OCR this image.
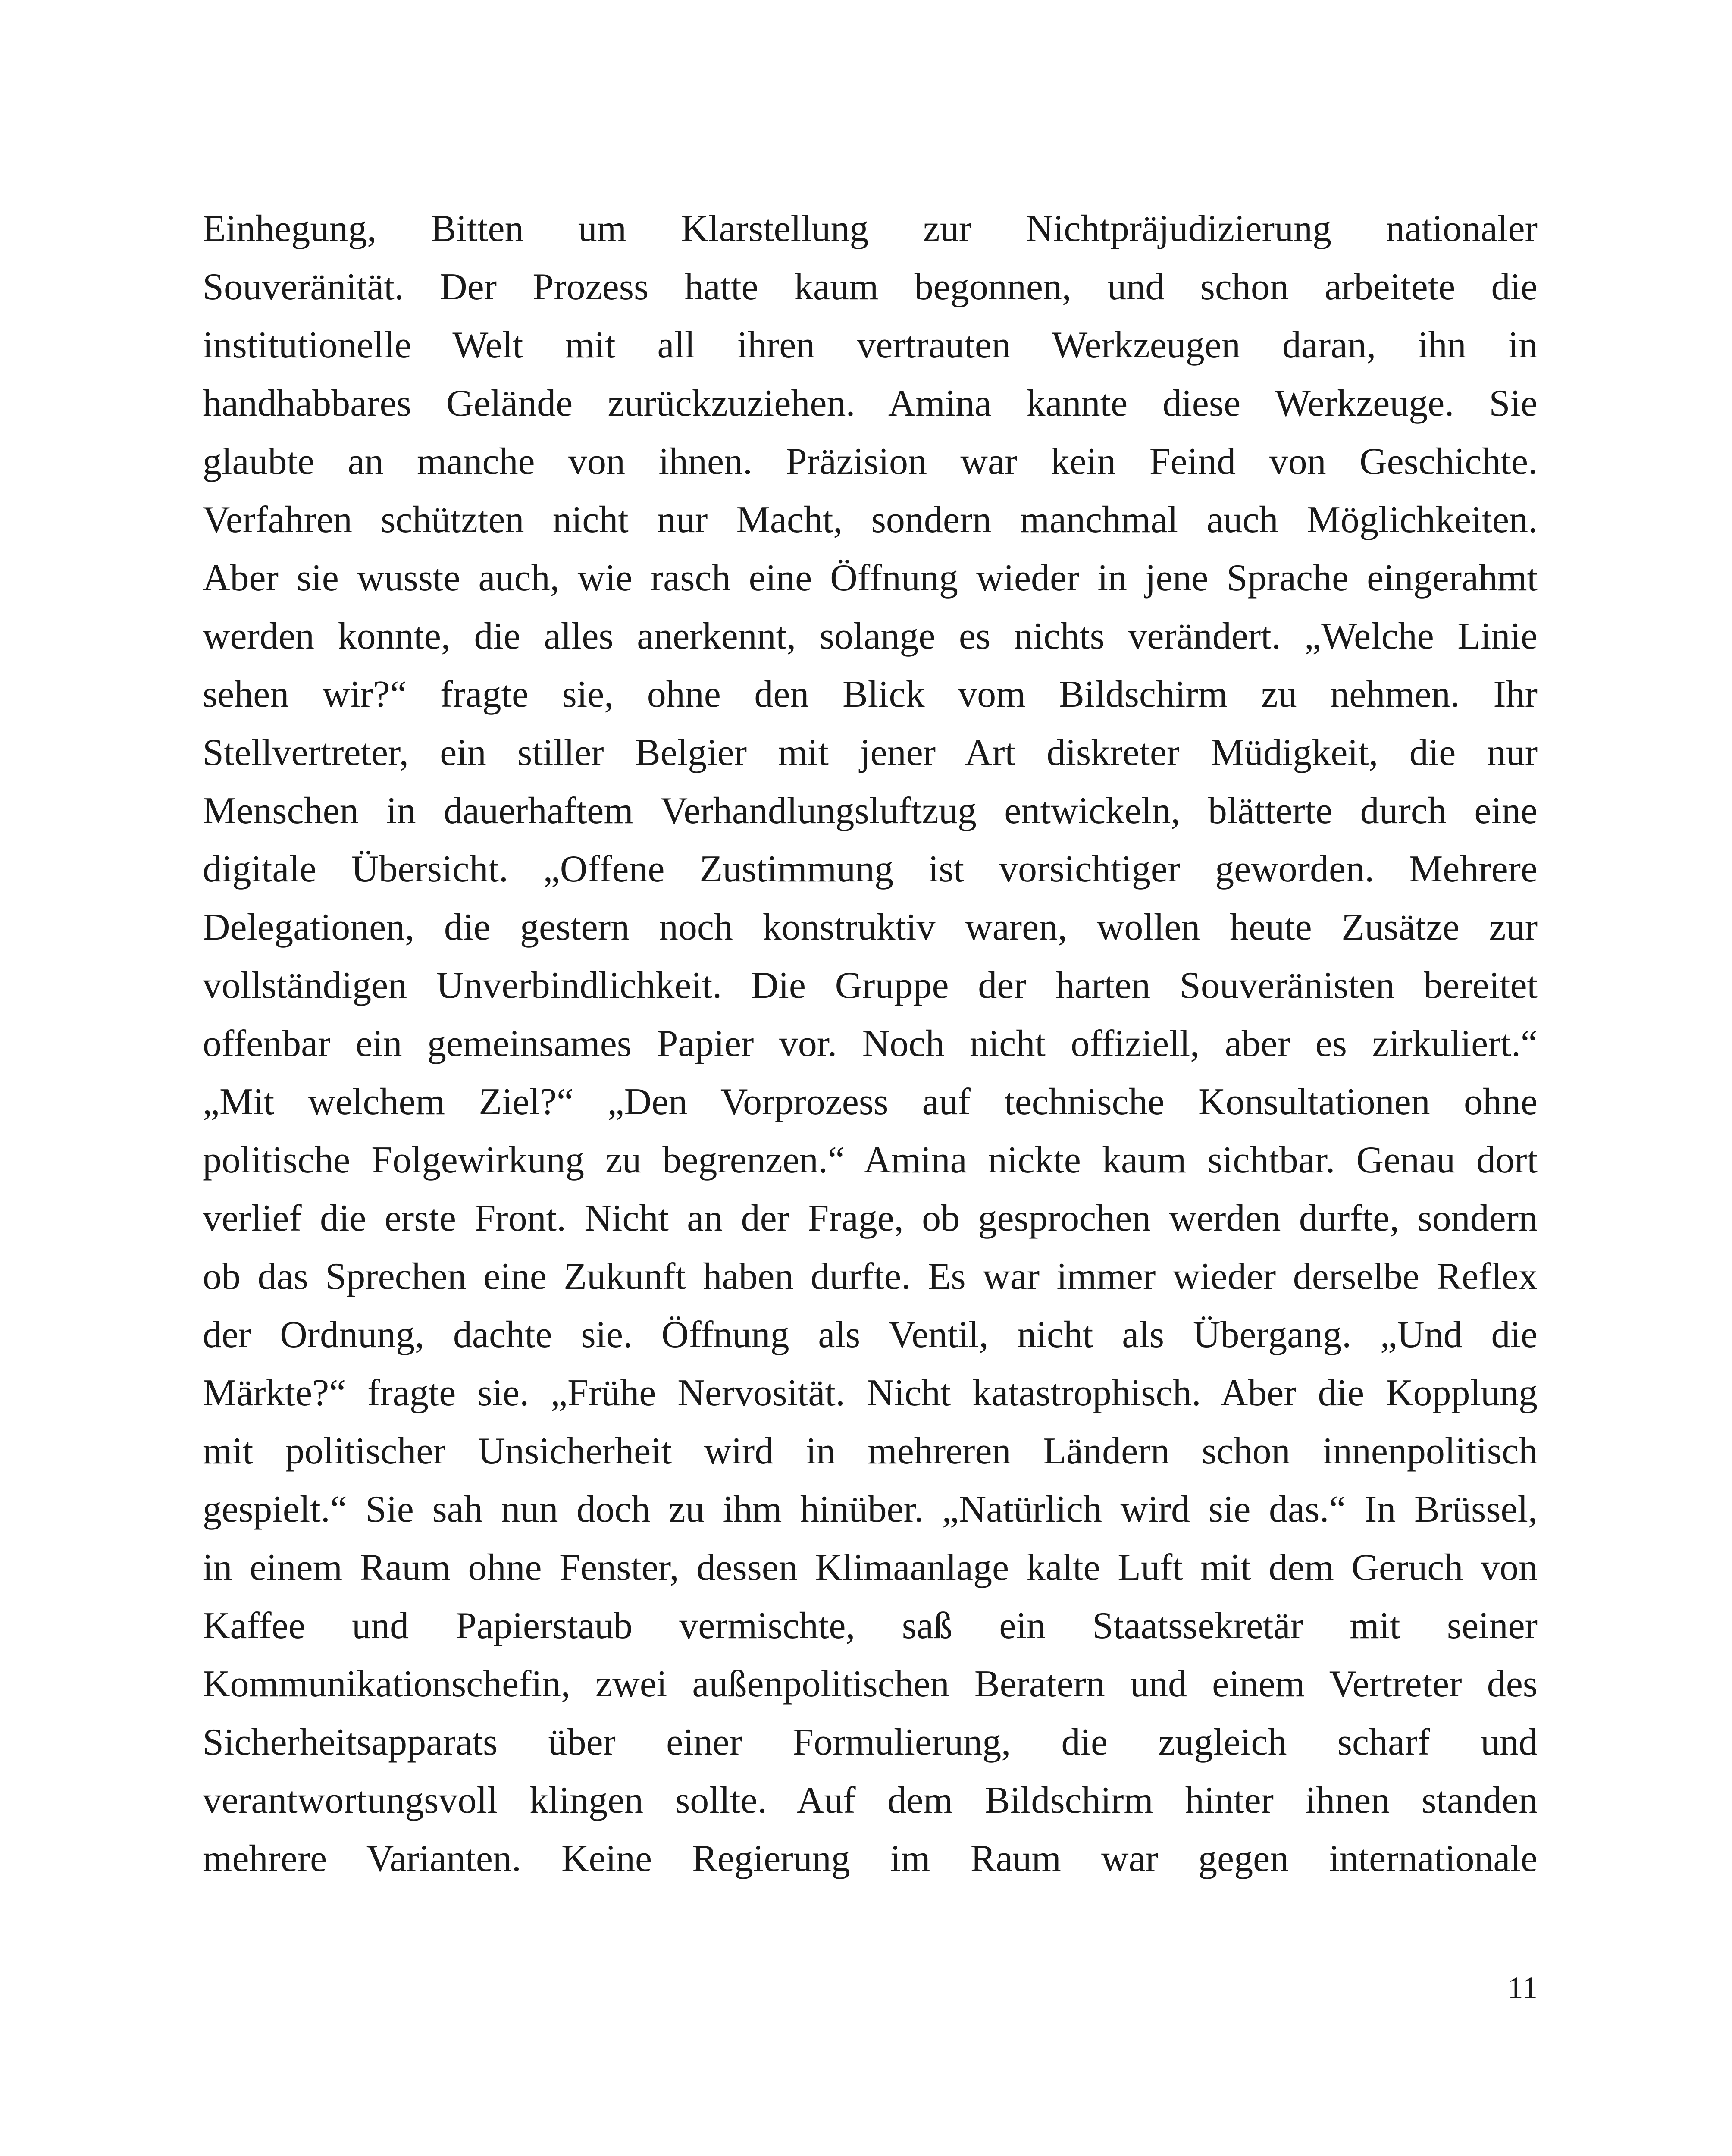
Einhegung, Bitten um Klarstellung zur Nichtpräjudizierung nationaler
Souveränität. Der Prozess hatte kaum begonnen, und schon arbeitete die
institutionelle Welt mit all ihren vertrauten Werkzeugen daran, ihn in
handhabbares Gelände zurückzuziehen. Amina kannte diese Werkzeuge. Sie
glaubte an manche von ihnen. Präzision war kein Feind von Geschichte.
Verfahren schützten nicht nur Macht, sondern manchmal auch Möglichkeiten.
Aber sie wusste auch, wie rasch eine Öffnung wieder in jene Sprache eingerahmt
werden konnte, die alles anerkennt, solange es nichts verändert. „Welche Linie
sehen wir?“ fragte sie, ohne den Blick vom Bildschirm zu nehmen. Ihr
Stellvertreter, ein stiller Belgier mit jener Art diskreter Müdigkeit, die nur
Menschen in dauerhaftem Verhandlungsluftzug entwickeln, blätterte durch eine
digitale Übersicht. „Offene Zustimmung ist vorsichtiger geworden. Mehrere
Delegationen, die gestern noch konstruktiv waren, wollen heute Zusätze zur
vollständigen Unverbindlichkeit. Die Gruppe der harten Souveränisten bereitet
offenbar ein gemeinsames Papier vor. Noch nicht offiziell, aber es zirkuliert.“
„Mit welchem Ziel?“ „Den Vorprozess auf technische Konsultationen ohne
politische Folgewirkung zu begrenzen.“ Amina nickte kaum sichtbar. Genau dort
verlief die erste Front. Nicht an der Frage, ob gesprochen werden durfte, sondern
ob das Sprechen eine Zukunft haben durfte. Es war immer wieder derselbe Reflex
der Ordnung, dachte sie. Öffnung als Ventil, nicht als Übergang. „Und die
Märkte?“ fragte sie. „Frühe Nervosität. Nicht katastrophisch. Aber die Kopplung
mit politischer Unsicherheit wird in mehreren Ländern schon innenpolitisch
gespielt.“ Sie sah nun doch zu ihm hinüber. „Natürlich wird sie das.“ In Brüssel,
in einem Raum ohne Fenster, dessen Klimaanlage kalte Luft mit dem Geruch von
Kaffee und Papierstaub vermischte, saß ein Staatssekretär mit seiner
Kommunikationschefin, zwei außenpolitischen Beratern und einem Vertreter des
Sicherheitsapparats über einer Formulierung, die zugleich scharf und
verantwortungsvoll klingen sollte. Auf dem Bildschirm hinter ihnen standen
mehrere Varianten. Keine Regierung im Raum war gegen internationale
11
